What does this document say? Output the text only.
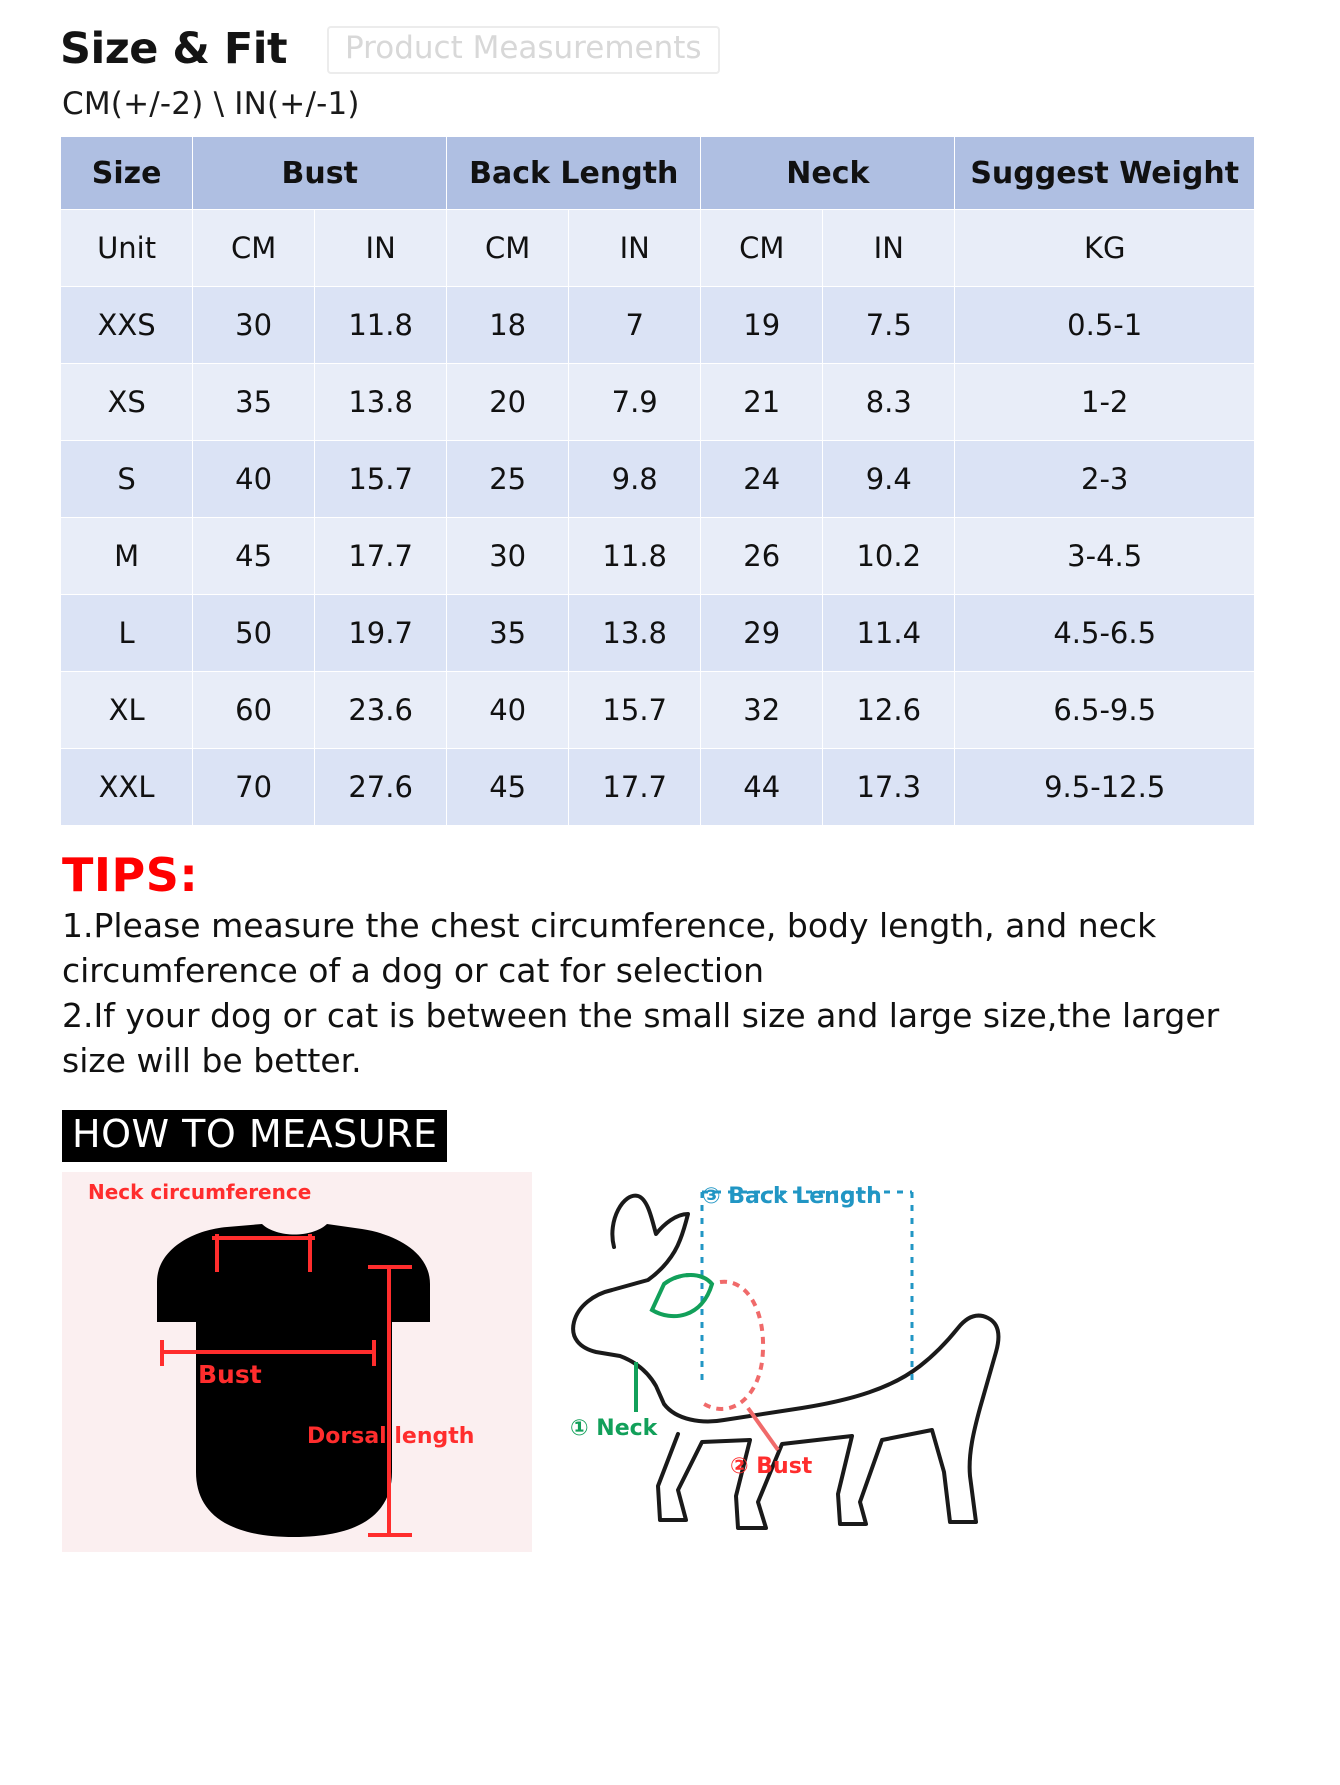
Size & Fit	Product Measurements
CM(+/-2) \ IN(+/-1)
Size	Bust		Back Length		Neck		Suggest Weight
Unit	CM	IN	CM	IN	CM	IN	KG
XXS	30	11.8	18	7	19	7.5	0.5-1
XS	35	13.8	20	7.9	21	8.3	1-2
S	40	15.7	25	9.8	24	9.4	2-3
M	45	17.7	30	11.8	26	10.2	3-4.5
L	50	19.7	35	13.8	29	11.4	4.5-6.5
XL	60	23.6	40	15.7	32	12.6	6.5-9.5
XXL	70	27.6	45	17.7	44	17.3	9.5-12.5
TIPS:
1.Please measure the chest circumference, body length, and neck circumference of a dog or cat for selection
2.If your dog or cat is between the small size and large size,the larger size will be better.
HOW TO MEASURE
Neck circumference
Bust
Dorsal length
③ Back Length
① Neck
② Bust
